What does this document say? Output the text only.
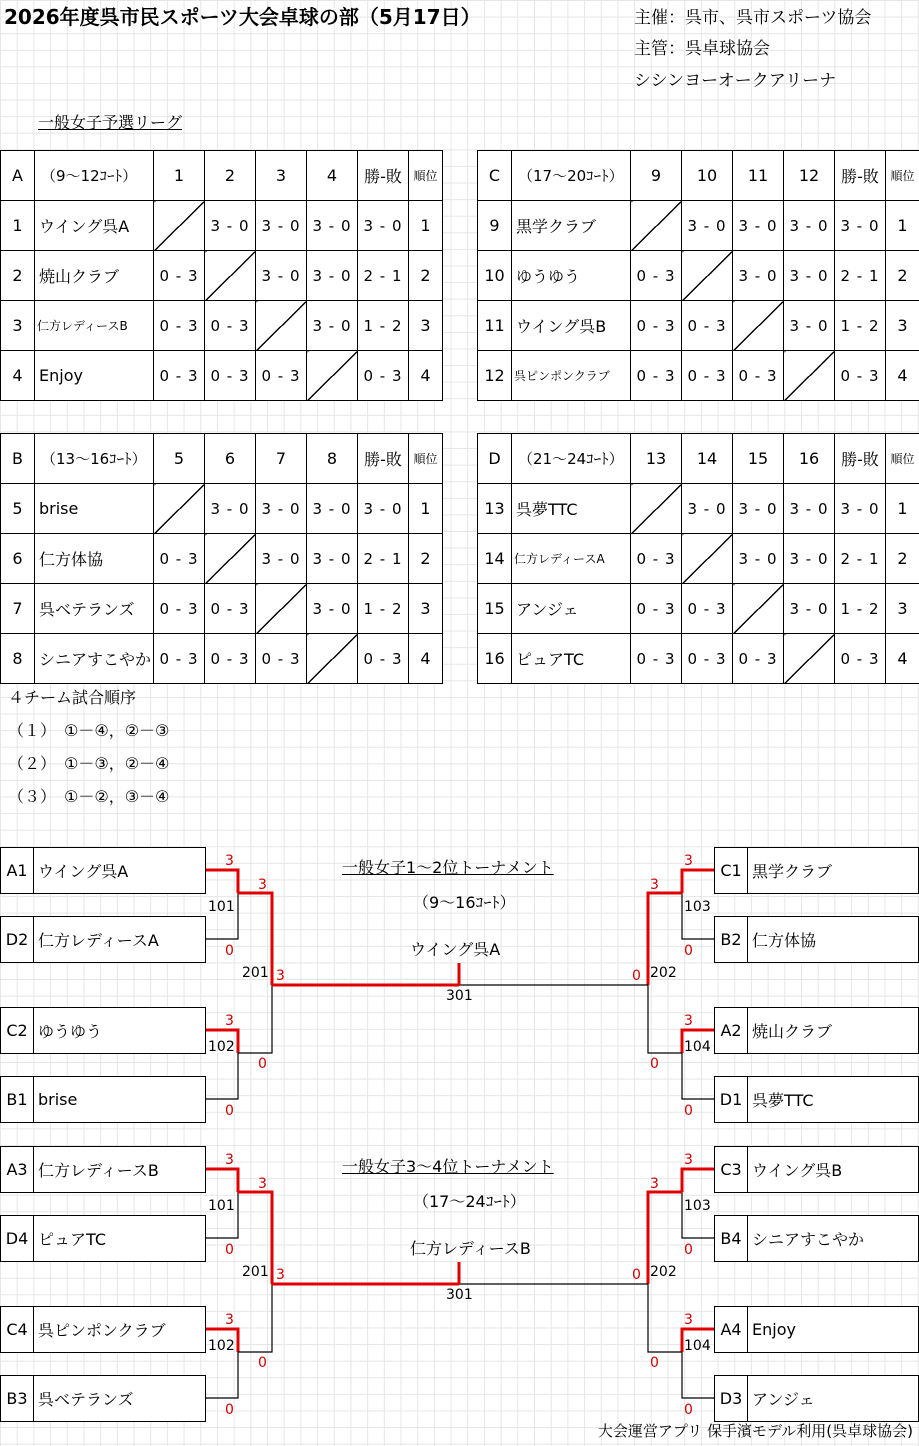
2026年度呉市民スポーツ大会卓球の部（5月17日）	主催：呉市、呉市スポーツ協会
主管：呉卓球協会
シシンヨーオークアリーナ
一般女子予選リーグ
A	（9～12ｺｰﾄ）	1	2	3	4	勝-敗	順位
1	ウイング呉A		3 - 0	3 - 0	3 - 0	3 - 0	1
2	焼山クラブ	0 - 3		3 - 0	3 - 0	2 - 1	2
3	仁方レディースB	0 - 3	0 - 3		3 - 0	1 - 2	3
4	Enjoy	0 - 3	0 - 3	0 - 3		0 - 3	4
C	（17～20ｺｰﾄ）	9	10	11	12	勝-敗	順位
9	黒学クラブ		3 - 0	3 - 0	3 - 0	3 - 0	1
10	ゆうゆう	0 - 3		3 - 0	3 - 0	2 - 1	2
11	ウイング呉B	0 - 3	0 - 3		3 - 0	1 - 2	3
12	呉ピンポンクラブ	0 - 3	0 - 3	0 - 3		0 - 3	4
B	（13～16ｺｰﾄ）	5	6	7	8	勝-敗	順位
5	brise		3 - 0	3 - 0	3 - 0	3 - 0	1
6	仁方体協	0 - 3		3 - 0	3 - 0	2 - 1	2
7	呉ベテランズ	0 - 3	0 - 3		3 - 0	1 - 2	3
8	シニアすこやか	0 - 3	0 - 3	0 - 3		0 - 3	4
D	（21～24ｺｰﾄ）	13	14	15	16	勝-敗	順位
13	呉夢TTC		3 - 0	3 - 0	3 - 0	3 - 0	1
14	仁方レディースA	0 - 3		3 - 0	3 - 0	2 - 1	2
15	アンジェ	0 - 3	0 - 3		3 - 0	1 - 2	3
16	ピュアTC	0 - 3	0 - 3	0 - 3		0 - 3	4
４チーム試合順序
（１）　①－④，②－③
（２）　①－③，②－④
（３）　①－②，③－④
A1 ウイング呉A
D2 仁方レディースA
C2 ゆうゆう
B1 brise
C1 黒学クラブ
B2 仁方体協
A2 焼山クラブ
D1 呉夢TTC
一般女子1～2位トーナメント
（9～16ｺｰﾄ）
ウイング呉A
101
102
103
104
201	202
301
3
0
3
0
3
0
3
0
3
0
3
0
3	0
A3 仁方レディースB
D4 ピュアTC
C4 呉ピンポンクラブ
B3 呉ベテランズ
C3 ウイング呉B
B4 シニアすこやか
A4 Enjoy
D3 アンジェ
一般女子3～4位トーナメント
（17～24ｺｰﾄ）
仁方レディースB
101
102
103
104
201	202
301
3
0
3
0
3
0
3
0
3
0
3
0
3	0
大会運営アプリ 保手濱モデル利用(呉卓球協会)
